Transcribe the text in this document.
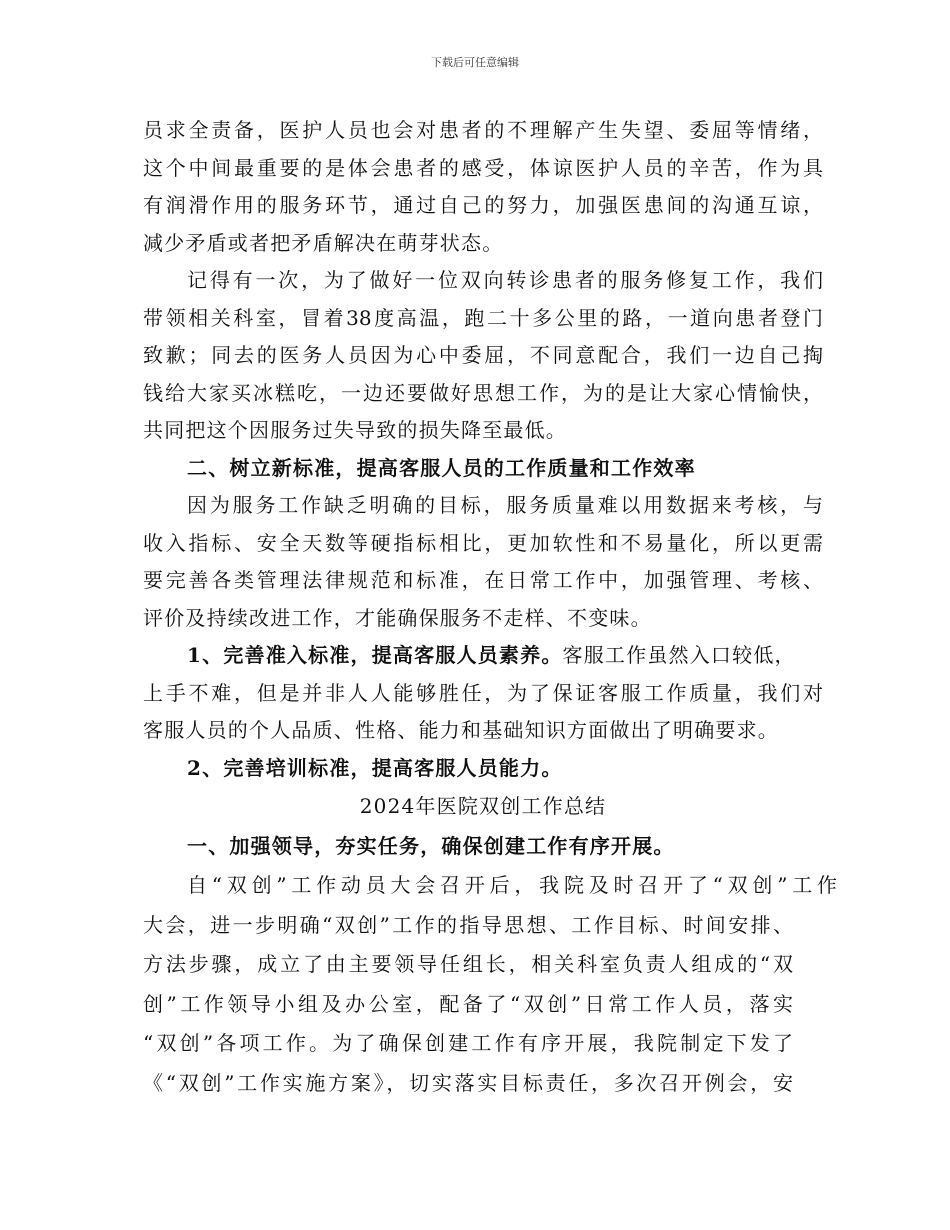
下载后可任意编辑
员求全责备，医护人员也会对患者的不理解产生失望、委屈等情绪，
这个中间最重要的是体会患者的感受，体谅医护人员的辛苦，作为具
有润滑作用的服务环节，通过自己的努力，加强医患间的沟通互谅，
减少矛盾或者把矛盾解决在萌芽状态。
记得有一次，为了做好一位双向转诊患者的服务修复工作，我们
带领相关科室，冒着38度高温，跑二十多公里的路，一道向患者登门
致歉；同去的医务人员因为心中委屈，不同意配合，我们一边自己掏
钱给大家买冰糕吃，一边还要做好思想工作，为的是让大家心情愉快，
共同把这个因服务过失导致的损失降至最低。
二、树立新标准，提高客服人员的工作质量和工作效率
因为服务工作缺乏明确的目标，服务质量难以用数据来考核，与
收入指标、安全天数等硬指标相比，更加软性和不易量化，所以更需
要完善各类管理法律规范和标准，在日常工作中，加强管理、考核、
评价及持续改进工作，才能确保服务不走样、不变味。
1、完善准入标准，提高客服人员素养。客服工作虽然入口较低，
上手不难，但是并非人人能够胜任，为了保证客服工作质量，我们对
客服人员的个人品质、性格、能力和基础知识方面做出了明确要求。
2、完善培训标准，提高客服人员能力。
2024年医院双创工作总结
一、加强领导，夯实任务，确保创建工作有序开展。
自“双创”工作动员大会召开后，我院及时召开了“双创”工作
大会，进一步明确“双创”工作的指导思想、工作目标、时间安排、
方法步骤，成立了由主要领导任组长，相关科室负责人组成的“双
创”工作领导小组及办公室，配备了“双创”日常工作人员，落实
“双创”各项工作。为了确保创建工作有序开展，我院制定下发了
《“双创”工作实施方案》，切实落实目标责任，多次召开例会，安
